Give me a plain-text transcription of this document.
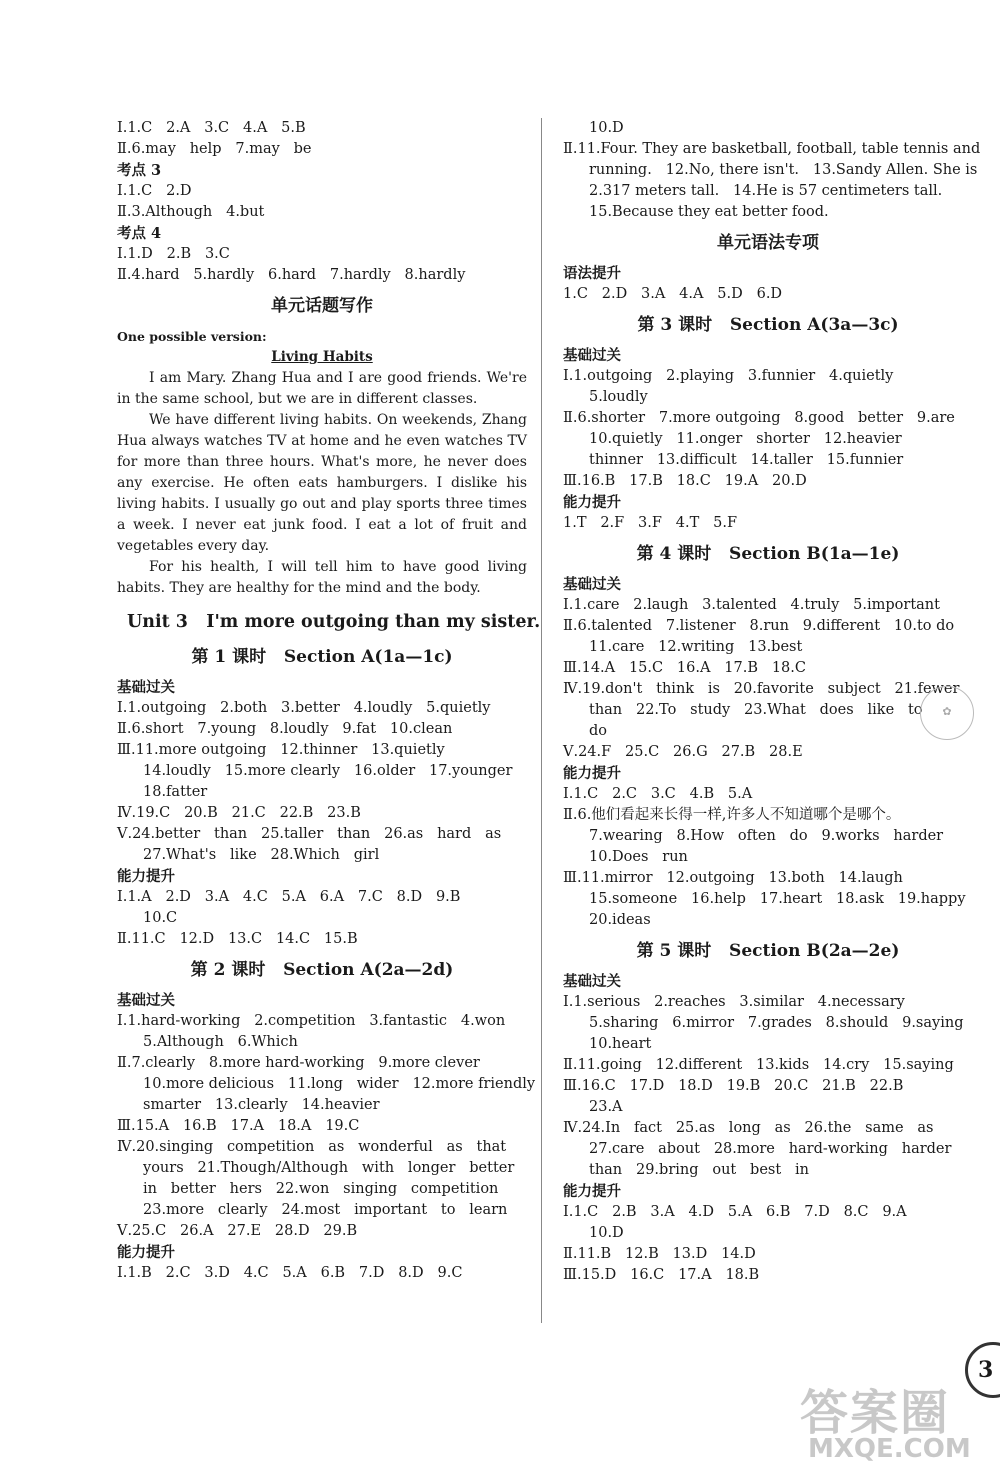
Ⅰ.1.C   2.A   3.C   4.A   5.B
Ⅱ.6.may   help   7.may   be
考点 3
Ⅰ.1.C   2.D
Ⅱ.3.Although   4.but
考点 4
Ⅰ.1.D   2.B   3.C
Ⅱ.4.hard   5.hardly   6.hard   7.hardly   8.hardly
单元话题写作
One possible version:
Living Habits
I am Mary. Zhang Hua and I are good friends. We're in the same school, but we are in different classes.
We have different living habits. On weekends, Zhang Hua always watches TV at home and he even watches TV for more than three hours. What's more, he never does any exercise. He often eats hamburgers. I dislike his living habits. I usually go out and play sports three times a week. I never eat junk food. I eat a lot of fruit and vegetables every day.
For his health, I will tell him to have good living habits. They are healthy for the mind and the body.
Unit 3   I'm more outgoing than my sister.
第 1 课时   Section A(1a—1c)
基础过关
Ⅰ.1.outgoing   2.both   3.better   4.loudly   5.quietly
Ⅱ.6.short   7.young   8.loudly   9.fat   10.clean
Ⅲ.11.more outgoing   12.thinner   13.quietly
14.loudly   15.more clearly   16.older   17.younger
18.fatter
Ⅳ.19.C   20.B   21.C   22.B   23.B
Ⅴ.24.better   than   25.taller   than   26.as   hard   as
27.What's   like   28.Which   girl
能力提升
Ⅰ.1.A   2.D   3.A   4.C   5.A   6.A   7.C   8.D   9.B
10.C
Ⅱ.11.C   12.D   13.C   14.C   15.B
第 2 课时   Section A(2a—2d)
基础过关
Ⅰ.1.hard-working   2.competition   3.fantastic   4.won
5.Although   6.Which
Ⅱ.7.clearly   8.more hard-working   9.more clever
10.more delicious   11.long   wider   12.more friendly
smarter   13.clearly   14.heavier
Ⅲ.15.A   16.B   17.A   18.A   19.C
Ⅳ.20.singing   competition   as   wonderful   as   that
yours   21.Though/Although   with   longer   better
in   better   hers   22.won   singing   competition
23.more   clearly   24.most   important   to   learn
Ⅴ.25.C   26.A   27.E   28.D   29.B
能力提升
Ⅰ.1.B   2.C   3.D   4.C   5.A   6.B   7.D   8.D   9.C
10.D
Ⅱ.11.Four. They are basketball, football, table tennis and
running.   12.No, there isn't.   13.Sandy Allen. She is
2.317 meters tall.   14.He is 57 centimeters tall.
15.Because they eat better food.
单元语法专项
语法提升
1.C   2.D   3.A   4.A   5.D   6.D
第 3 课时   Section A(3a—3c)
基础过关
Ⅰ.1.outgoing   2.playing   3.funnier   4.quietly
5.loudly
Ⅱ.6.shorter   7.more outgoing   8.good   better   9.are
10.quietly   11.onger   shorter   12.heavier
thinner   13.difficult   14.taller   15.funnier
Ⅲ.16.B   17.B   18.C   19.A   20.D
能力提升
1.T   2.F   3.F   4.T   5.F
第 4 课时   Section B(1a—1e)
基础过关
Ⅰ.1.care   2.laugh   3.talented   4.truly   5.important
Ⅱ.6.talented   7.listener   8.run   9.different   10.to do
11.care   12.writing   13.best
Ⅲ.14.A   15.C   16.A   17.B   18.C
Ⅳ.19.don't   think   is   20.favorite   subject   21.fewer
than   22.To   study   23.What   does   like   to
do
Ⅴ.24.F   25.C   26.G   27.B   28.E
能力提升
Ⅰ.1.C   2.C   3.C   4.B   5.A
Ⅱ.6.他们看起来长得一样,许多人不知道哪个是哪个。
7.wearing   8.How   often   do   9.works   harder
10.Does   run
Ⅲ.11.mirror   12.outgoing   13.both   14.laugh
15.someone   16.help   17.heart   18.ask   19.happy
20.ideas
第 5 课时   Section B(2a—2e)
基础过关
Ⅰ.1.serious   2.reaches   3.similar   4.necessary
5.sharing   6.mirror   7.grades   8.should   9.saying
10.heart
Ⅱ.11.going   12.different   13.kids   14.cry   15.saying
Ⅲ.16.C   17.D   18.D   19.B   20.C   21.B   22.B
23.A
Ⅳ.24.In   fact   25.as   long   as   26.the   same   as
27.care   about   28.more   hard-working   harder
than   29.bring   out   best   in
能力提升
Ⅰ.1.C   2.B   3.A   4.D   5.A   6.B   7.D   8.C   9.A
10.D
Ⅱ.11.B   12.B   13.D   14.D
Ⅲ.15.D   16.C   17.A   18.B
✿
3
答案圈
MXQE.COM
